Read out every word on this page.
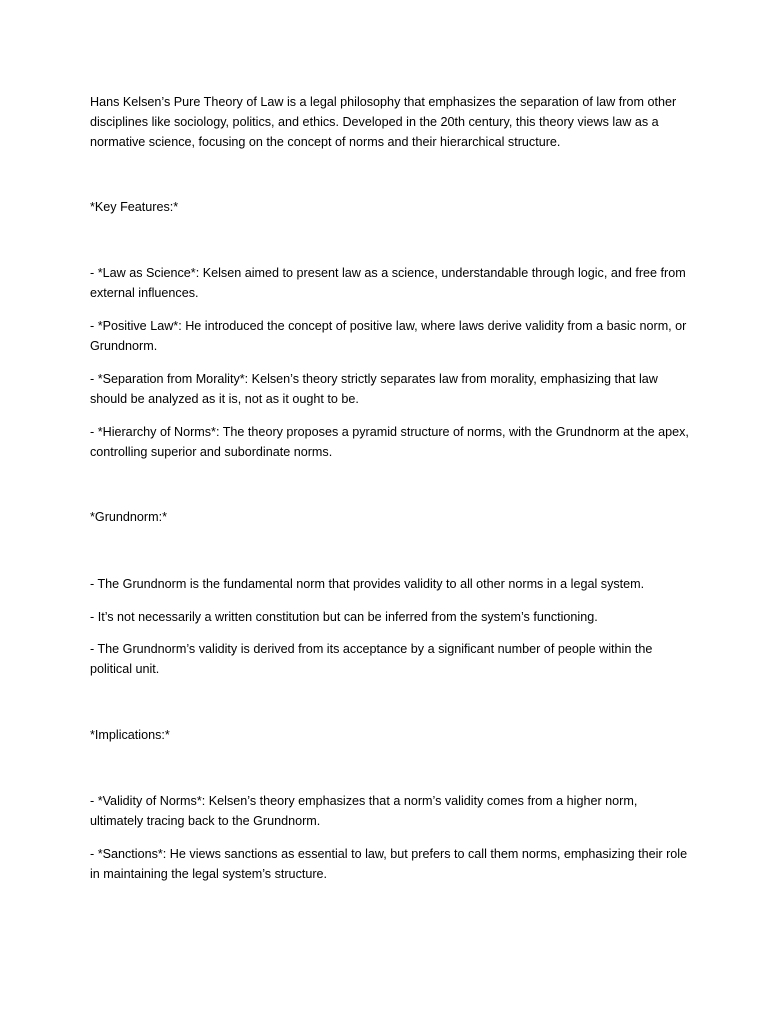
Hans Kelsen’s Pure Theory of Law is a legal philosophy that emphasizes the separation of law from other disciplines like sociology, politics, and ethics. Developed in the 20th century, this theory views law as a normative science, focusing on the concept of norms and their hierarchical structure.

*Key Features:*

- *Law as Science*: Kelsen aimed to present law as a science, understandable through logic, and free from external influences.

- *Positive Law*: He introduced the concept of positive law, where laws derive validity from a basic norm, or Grundnorm.

- *Separation from Morality*: Kelsen’s theory strictly separates law from morality, emphasizing that law should be analyzed as it is, not as it ought to be.

- *Hierarchy of Norms*: The theory proposes a pyramid structure of norms, with the Grundnorm at the apex, controlling superior and subordinate norms.

*Grundnorm:*

- The Grundnorm is the fundamental norm that provides validity to all other norms in a legal system.

- It’s not necessarily a written constitution but can be inferred from the system’s functioning.

- The Grundnorm’s validity is derived from its acceptance by a significant number of people within the political unit.

*Implications:*

- *Validity of Norms*: Kelsen’s theory emphasizes that a norm’s validity comes from a higher norm, ultimately tracing back to the Grundnorm.

- *Sanctions*: He views sanctions as essential to law, but prefers to call them norms, emphasizing their role in maintaining the legal system’s structure.
